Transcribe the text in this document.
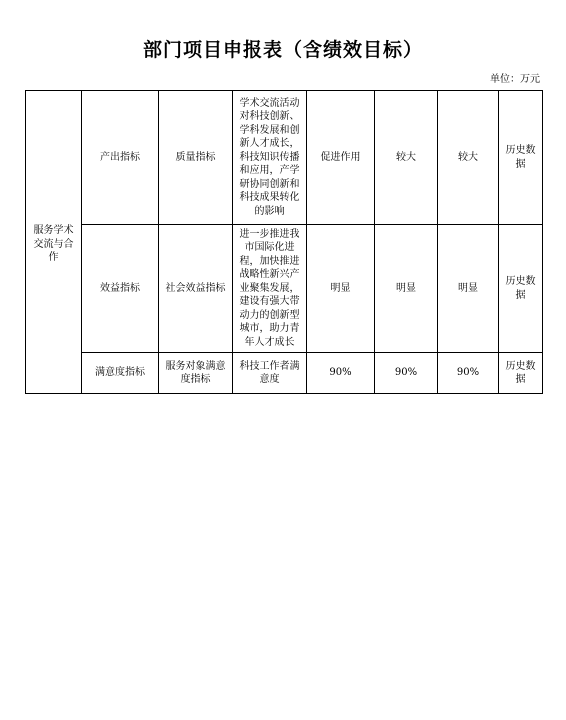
部门项目申报表（含绩效目标）
单位：万元
服务学术交流与合作	产出指标	质量指标	学术交流活动对科技创新、学科发展和创新人才成长，科技知识传播和应用，产学研协同创新和科技成果转化的影响	促进作用	较大	较大	历史数据
	效益指标	社会效益指标	进一步推进我市国际化进程，加快推进战略性新兴产业聚集发展，建设有强大带动力的创新型城市，助力青年人才成长	明显	明显	明显	历史数据
	满意度指标	服务对象满意度指标	科技工作者满意度	90%	90%	90%	历史数据
